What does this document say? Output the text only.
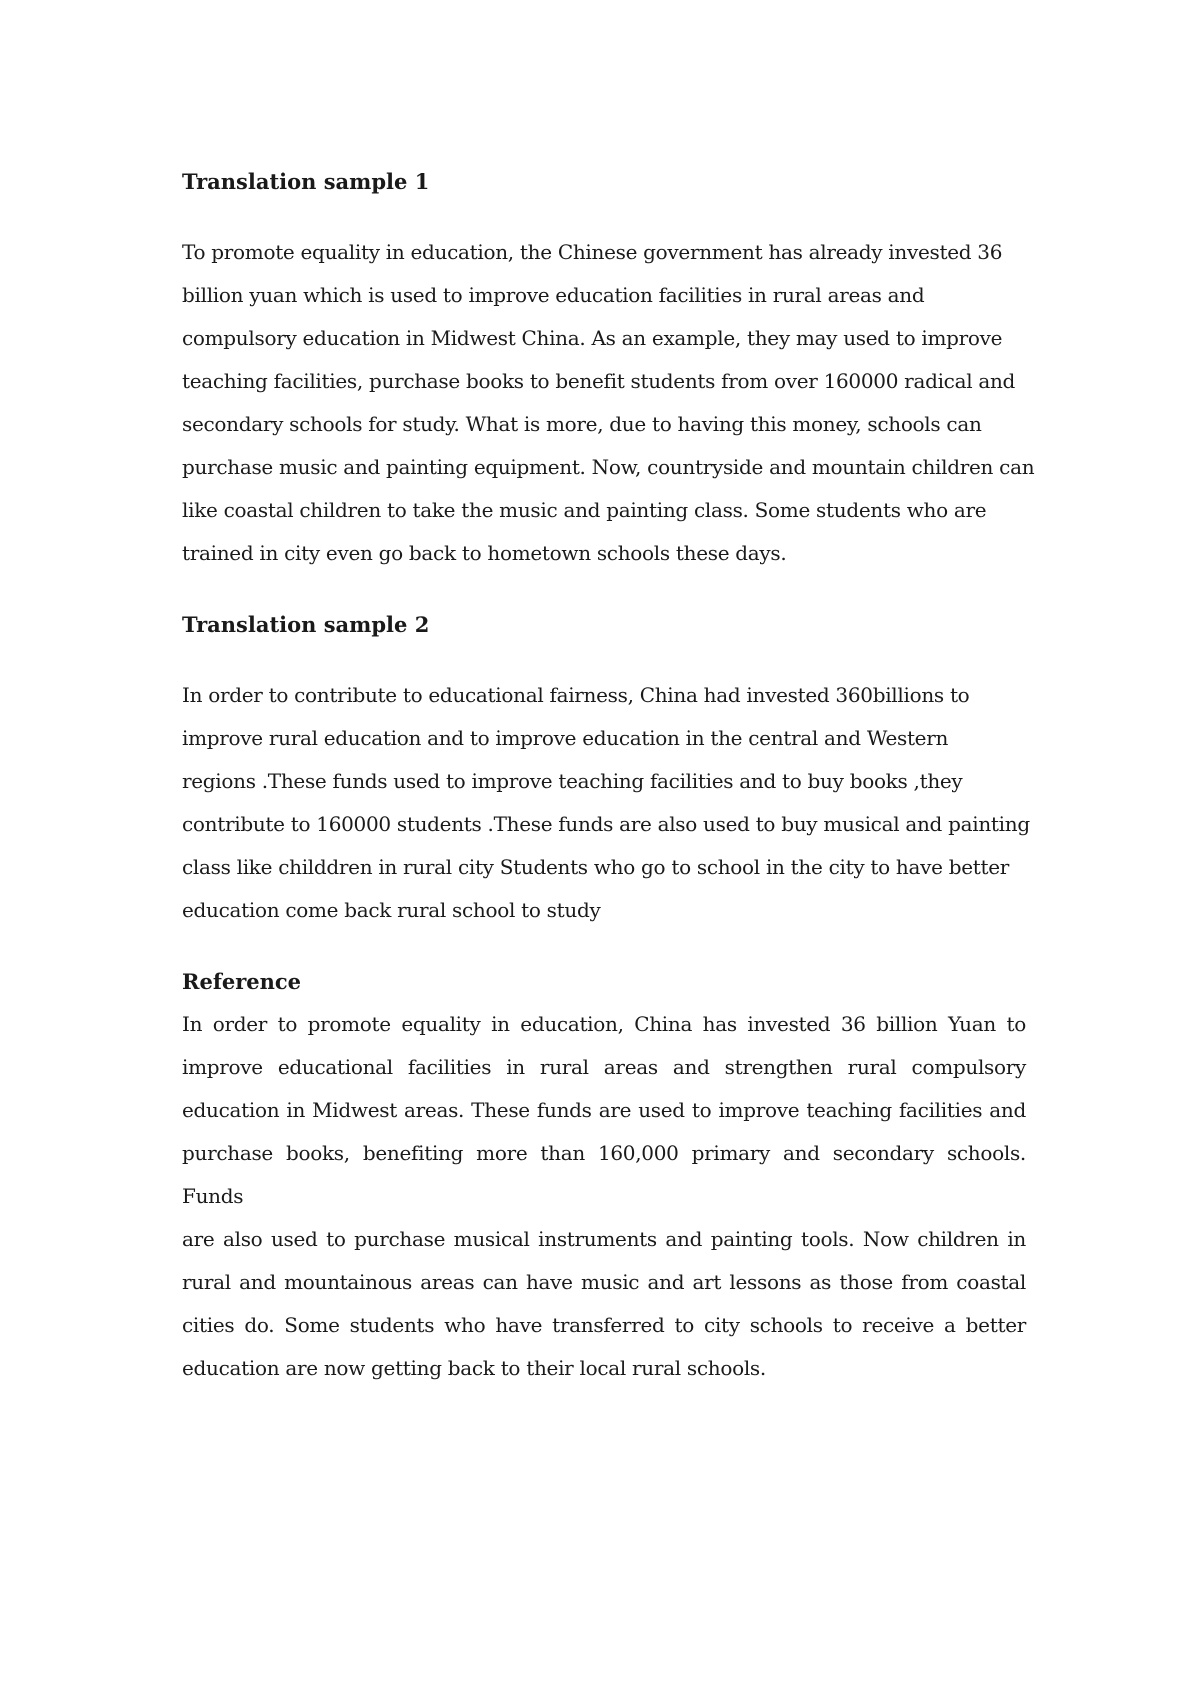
Translation sample 1

To promote equality in education, the Chinese government has already invested 36
billion yuan which is used to improve education facilities in rural areas and
compulsory education in Midwest China. As an example, they may used to improve
teaching facilities, purchase books to benefit students from over 160000 radical and
secondary schools for study. What is more, due to having this money, schools can
purchase music and painting equipment. Now, countryside and mountain children can
like coastal children to take the music and painting class. Some students who are
trained in city even go back to hometown schools these days.

Translation sample 2

In order to contribute to educational fairness, China had invested 360billions to
improve rural education and to improve education in the central and Western
regions .These funds used to improve teaching facilities and to buy books ,they
contribute to 160000 students .These funds are also used to buy musical and painting
class like childdren in rural city Students who go to school in the city to have better
education come back rural school to study

Reference

In order to promote equality in education, China has invested 36 billion Yuan to
improve educational facilities in rural areas and strengthen rural compulsory
education in Midwest areas. These funds are used to improve teaching facilities and
purchase books, benefiting more than 160,000 primary and secondary schools. Funds
are also used to purchase musical instruments and painting tools. Now children in
rural and mountainous areas can have music and art lessons as those from coastal
cities do. Some students who have transferred to city schools to receive a better
education are now getting back to their local rural schools.
